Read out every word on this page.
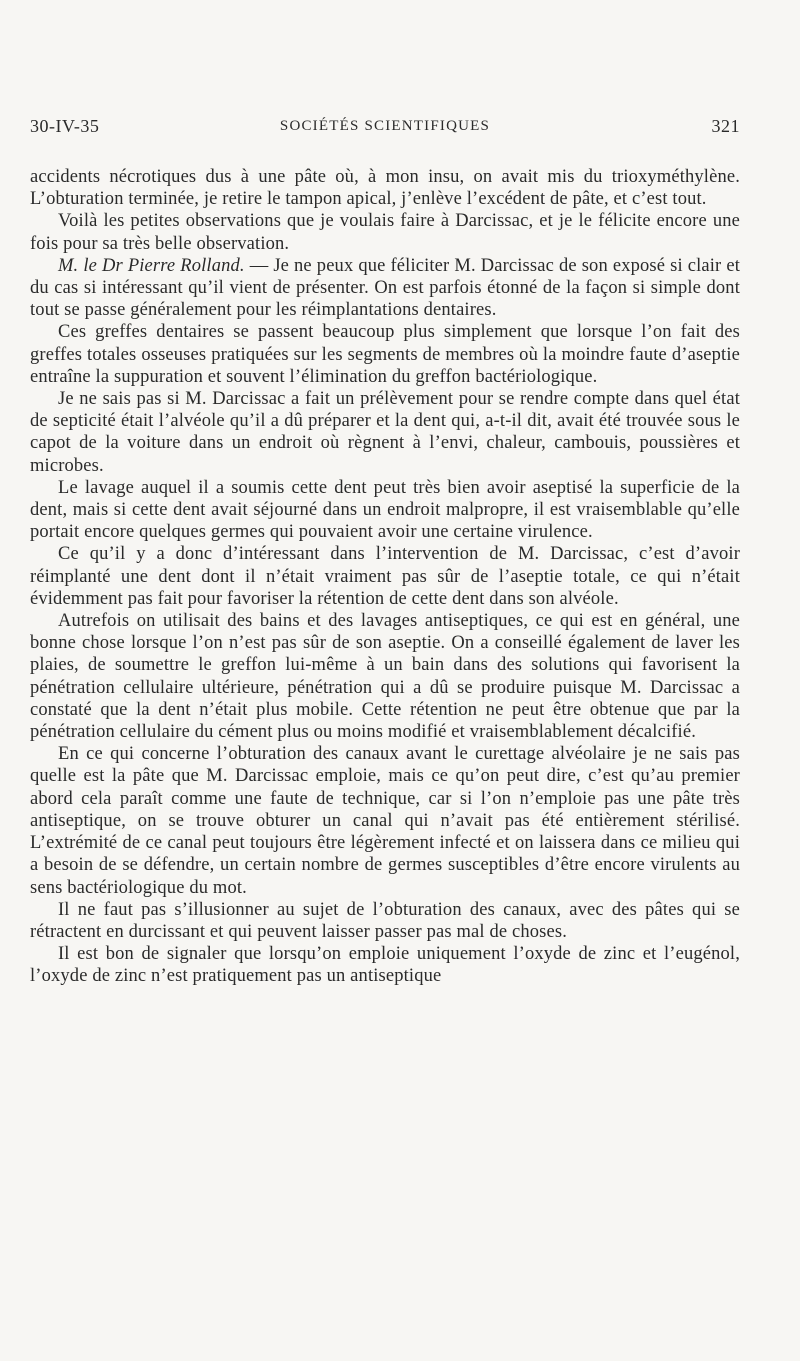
30-IV-35	SOCIÉTÉS SCIENTIFIQUES	321

accidents nécrotiques dus à une pâte où, à mon insu, on avait mis du trioxyméthylène. L’obturation terminée, je retire le tampon apical, j’enlève l’excédent de pâte, et c’est tout.

Voilà les petites observations que je voulais faire à Darcissac, et je le félicite encore une fois pour sa très belle observation.

M. le Dr Pierre Rolland. — Je ne peux que féliciter M. Darcissac de son exposé si clair et du cas si intéressant qu’il vient de présenter. On est parfois étonné de la façon si simple dont tout se passe généralement pour les réimplantations dentaires.

Ces greffes dentaires se passent beaucoup plus simplement que lorsque l’on fait des greffes totales osseuses pratiquées sur les segments de membres où la moindre faute d’aseptie entraîne la suppuration et souvent l’élimination du greffon bactériologique.

Je ne sais pas si M. Darcissac a fait un prélèvement pour se rendre compte dans quel état de septicité était l’alvéole qu’il a dû préparer et la dent qui, a-t-il dit, avait été trouvée sous le capot de la voiture dans un endroit où règnent à l’envi, chaleur, cambouis, poussières et microbes.

Le lavage auquel il a soumis cette dent peut très bien avoir aseptisé la superficie de la dent, mais si cette dent avait séjourné dans un endroit malpropre, il est vraisemblable qu’elle portait encore quelques germes qui pouvaient avoir une certaine virulence.

Ce qu’il y a donc d’intéressant dans l’intervention de M. Darcissac, c’est d’avoir réimplanté une dent dont il n’était vraiment pas sûr de l’aseptie totale, ce qui n’était évidemment pas fait pour favoriser la rétention de cette dent dans son alvéole.

Autrefois on utilisait des bains et des lavages antiseptiques, ce qui est en général, une bonne chose lorsque l’on n’est pas sûr de son aseptie. On a conseillé également de laver les plaies, de soumettre le greffon lui-même à un bain dans des solutions qui favorisent la pénétration cellulaire ultérieure, pénétration qui a dû se produire puisque M. Darcissac a constaté que la dent n’était plus mobile. Cette rétention ne peut être obtenue que par la pénétration cellulaire du cément plus ou moins modifié et vraisemblablement décalcifié.

En ce qui concerne l’obturation des canaux avant le curettage alvéolaire je ne sais pas quelle est la pâte que M. Darcissac emploie, mais ce qu’on peut dire, c’est qu’au premier abord cela paraît comme une faute de technique, car si l’on n’emploie pas une pâte très antiseptique, on se trouve obturer un canal qui n’avait pas été entièrement stérilisé. L’extrémité de ce canal peut toujours être légèrement infecté et on laissera dans ce milieu qui a besoin de se défendre, un certain nombre de germes susceptibles d’être encore virulents au sens bactériologique du mot.

Il ne faut pas s’illusionner au sujet de l’obturation des canaux, avec des pâtes qui se rétractent en durcissant et qui peuvent laisser passer pas mal de choses.

Il est bon de signaler que lorsqu’on emploie uniquement l’oxyde de zinc et l’eugénol, l’oxyde de zinc n’est pratiquement pas un antiseptique
